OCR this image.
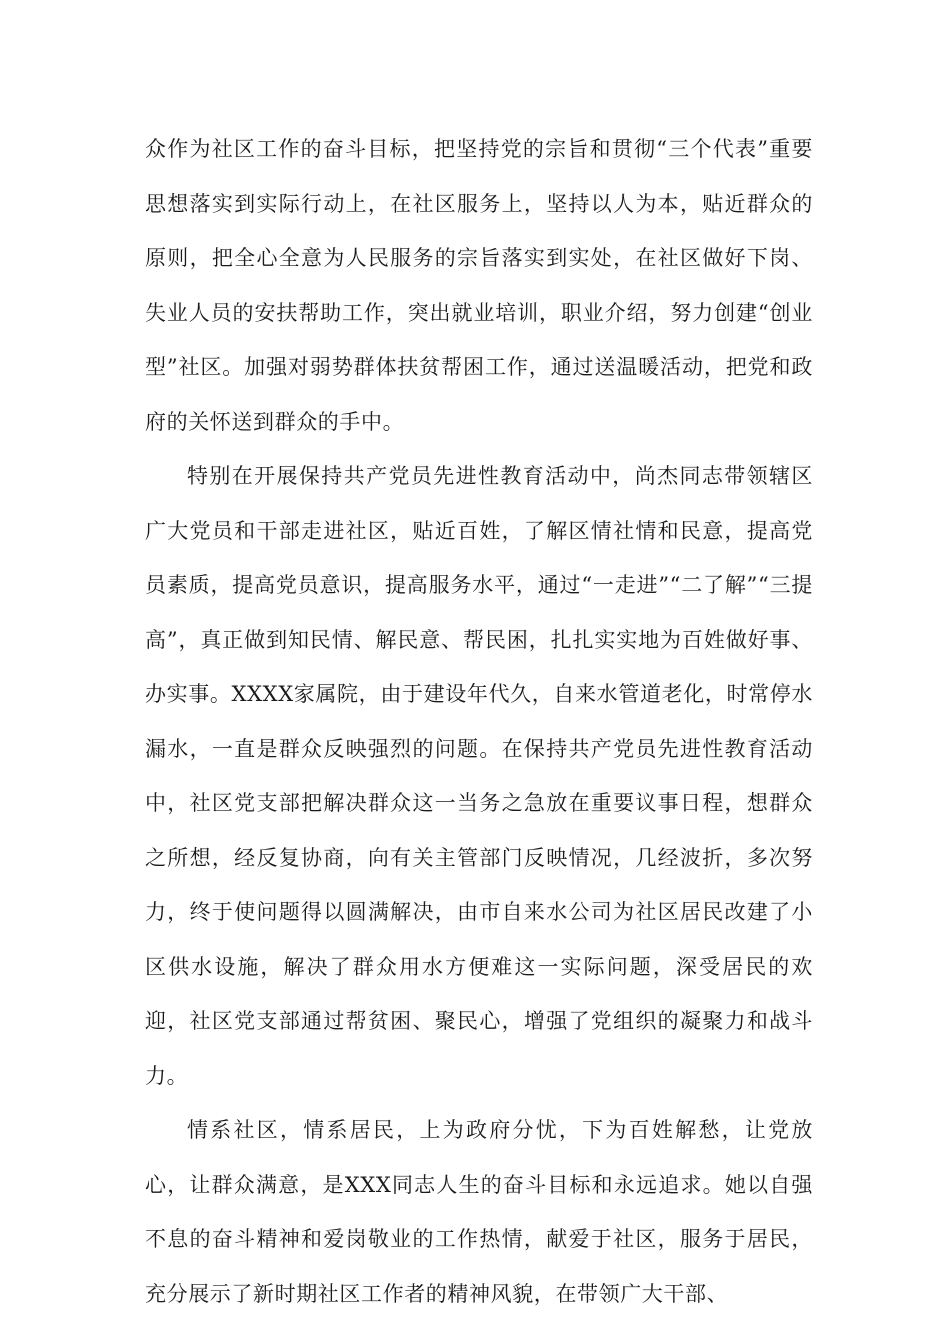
众作为社区工作的奋斗目标，把坚持党的宗旨和贯彻“三个代表”重要思想落实到实际行动上，在社区服务上，坚持以人为本，贴近群众的原则，把全心全意为人民服务的宗旨落实到实处，在社区做好下岗、失业人员的安扶帮助工作，突出就业培训，职业介绍，努力创建“创业型”社区。加强对弱势群体扶贫帮困工作，通过送温暖活动，把党和政府的关怀送到群众的手中。

特别在开展保持共产党员先进性教育活动中，尚杰同志带领辖区广大党员和干部走进社区，贴近百姓，了解区情社情和民意，提高党员素质，提高党员意识，提高服务水平，通过“一走进”“二了解”“三提高”，真正做到知民情、解民意、帮民困，扎扎实实地为百姓做好事、办实事。XXXX家属院，由于建设年代久，自来水管道老化，时常停水漏水，一直是群众反映强烈的问题。在保持共产党员先进性教育活动中，社区党支部把解决群众这一当务之急放在重要议事日程，想群众之所想，经反复协商，向有关主管部门反映情况，几经波折，多次努力，终于使问题得以圆满解决，由市自来水公司为社区居民改建了小区供水设施，解决了群众用水方便难这一实际问题，深受居民的欢迎，社区党支部通过帮贫困、聚民心，增强了党组织的凝聚力和战斗力。

情系社区，情系居民，上为政府分忧，下为百姓解愁，让党放心，让群众满意，是XXX同志人生的奋斗目标和永远追求。她以自强不息的奋斗精神和爱岗敬业的工作热情，献爱于社区，服务于居民，充分展示了新时期社区工作者的精神风貌，在带领广大干部、
